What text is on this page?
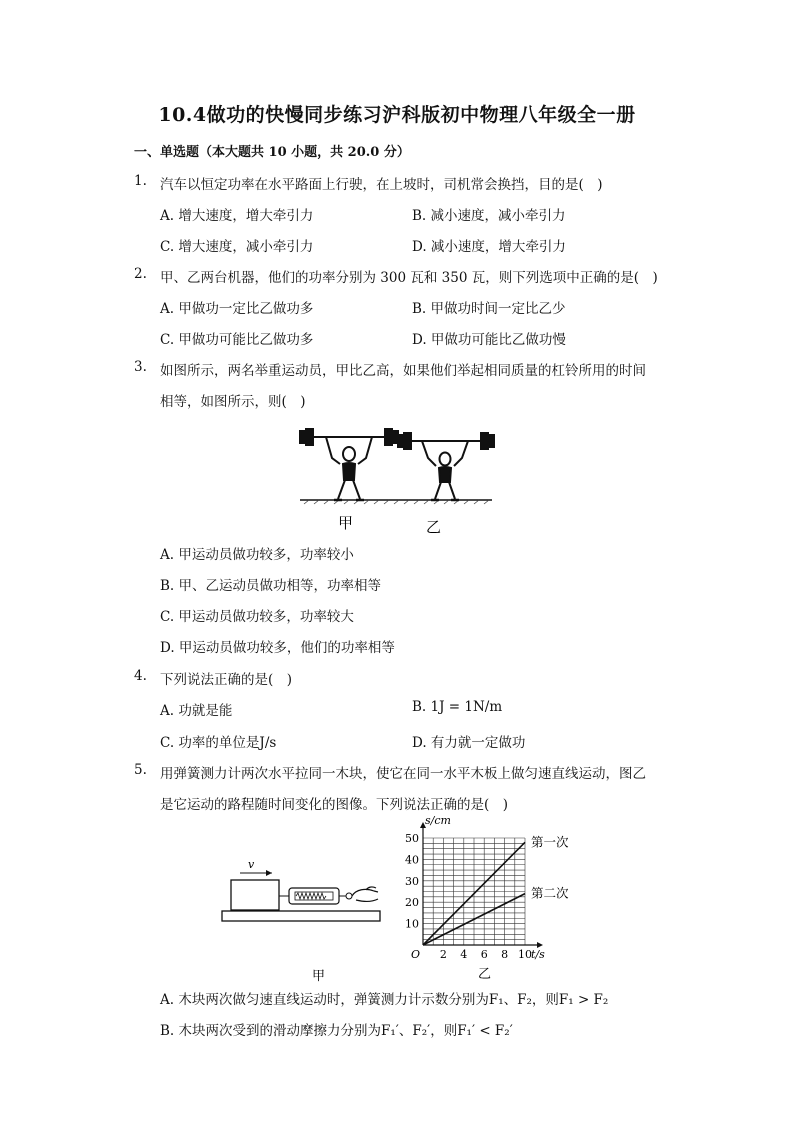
10.4做功的快慢同步练习沪科版初中物理八年级全一册
一、单选题（本大题共 10 小题，共 20.0 分）
1. 汽车以恒定功率在水平路面上行驶，在上坡时，司机常会换挡，目的是(　)
A. 增大速度，增大牵引力	B. 减小速度，减小牵引力
C. 增大速度，减小牵引力	D. 减小速度，增大牵引力
2. 甲、乙两台机器，他们的功率分别为 300 瓦和 350 瓦，则下列选项中正确的是(　)
A. 甲做功一定比乙做功多	B. 甲做功时间一定比乙少
C. 甲做功可能比乙做功多	D. 甲做功可能比乙做功慢
3. 如图所示，两名举重运动员，甲比乙高，如果他们举起相同质量的杠铃所用的时间
相等，如图所示，则(　)
甲	乙
A. 甲运动员做功较多，功率较小
B. 甲、乙运动员做功相等，功率相等
C. 甲运动员做功较多，功率较大
D. 甲运动员做功较多，他们的功率相等
4. 下列说法正确的是(　)
A. 功就是能	B. 1J = 1N/m
C. 功率的单位是J/s	D. 有力就一定做功
5. 用弹簧测力计两次水平拉同一木块，使它在同一水平木板上做匀速直线运动，图乙
是它运动的路程随时间变化的图像。下列说法正确的是(　)
v
甲
s/cm
t/s
O 2 4 6 8 10
10
20
30
40
50	第一次
第二次
乙
A. 木块两次做匀速直线运动时，弹簧测力计示数分别为F₁、F₂，则F₁ > F₂
B. 木块两次受到的滑动摩擦力分别为F₁′、F₂′，则F₁′ < F₂′
